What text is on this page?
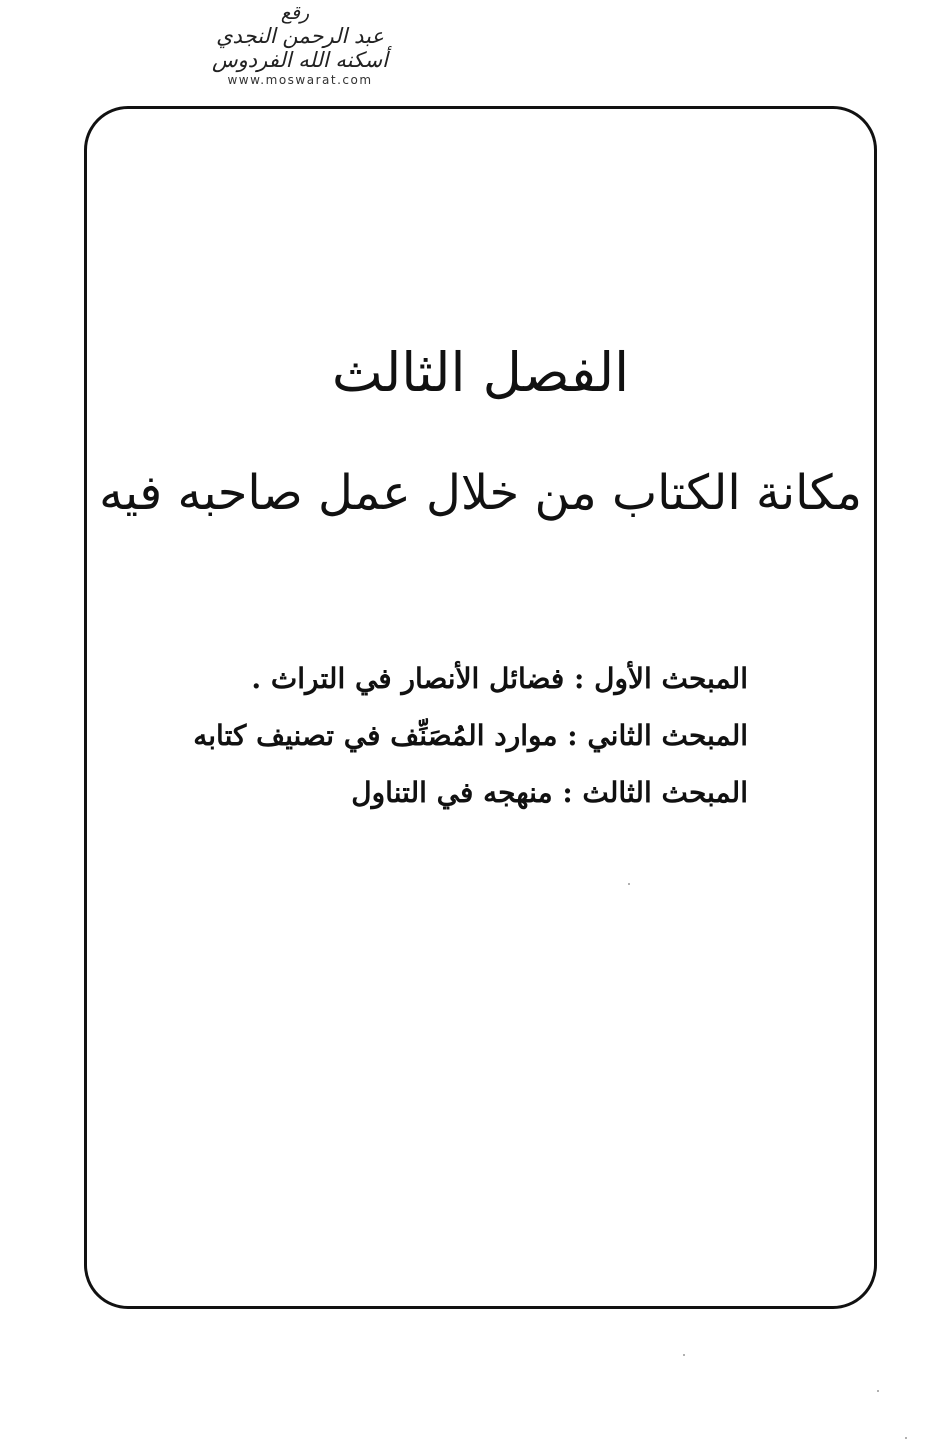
رقع
عبد الرحمن النجدي
أسكنه الله الفردوس
www.moswarat.com
الفصل الثالث
مكانة الكتاب من خلال عمل صاحبه فيه
المبحث الأول : فضائل الأنصار في التراث .
المبحث الثاني : موارد المُصَنِّف في تصنيف كتابه
المبحث الثالث : منهجه في التناول
